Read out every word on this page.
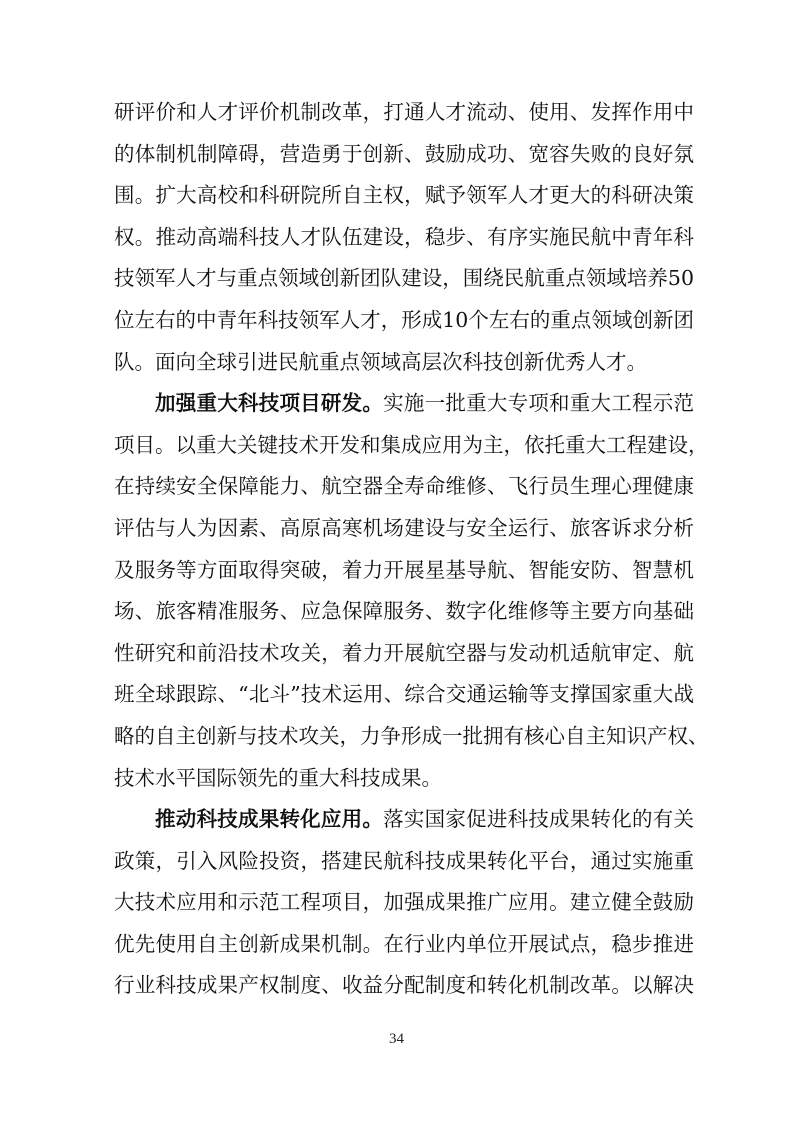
研评价和人才评价机制改革，打通人才流动、使用、发挥作用中
的体制机制障碍，营造勇于创新、鼓励成功、宽容失败的良好氛
围。扩大高校和科研院所自主权，赋予领军人才更大的科研决策
权。推动高端科技人才队伍建设，稳步、有序实施民航中青年科
技领军人才与重点领域创新团队建设，围绕民航重点领域培养50
位左右的中青年科技领军人才，形成10个左右的重点领域创新团
队。面向全球引进民航重点领域高层次科技创新优秀人才。
加强重大科技项目研发。实施一批重大专项和重大工程示范
项目。以重大关键技术开发和集成应用为主，依托重大工程建设，
在持续安全保障能力、航空器全寿命维修、飞行员生理心理健康
评估与人为因素、高原高寒机场建设与安全运行、旅客诉求分析
及服务等方面取得突破，着力开展星基导航、智能安防、智慧机
场、旅客精准服务、应急保障服务、数字化维修等主要方向基础
性研究和前沿技术攻关，着力开展航空器与发动机适航审定、航
班全球跟踪、“北斗”技术运用、综合交通运输等支撑国家重大战
略的自主创新与技术攻关，力争形成一批拥有核心自主知识产权、
技术水平国际领先的重大科技成果。
推动科技成果转化应用。落实国家促进科技成果转化的有关
政策，引入风险投资，搭建民航科技成果转化平台，通过实施重
大技术应用和示范工程项目，加强成果推广应用。建立健全鼓励
优先使用自主创新成果机制。在行业内单位开展试点，稳步推进
行业科技成果产权制度、收益分配制度和转化机制改革。以解决
34
